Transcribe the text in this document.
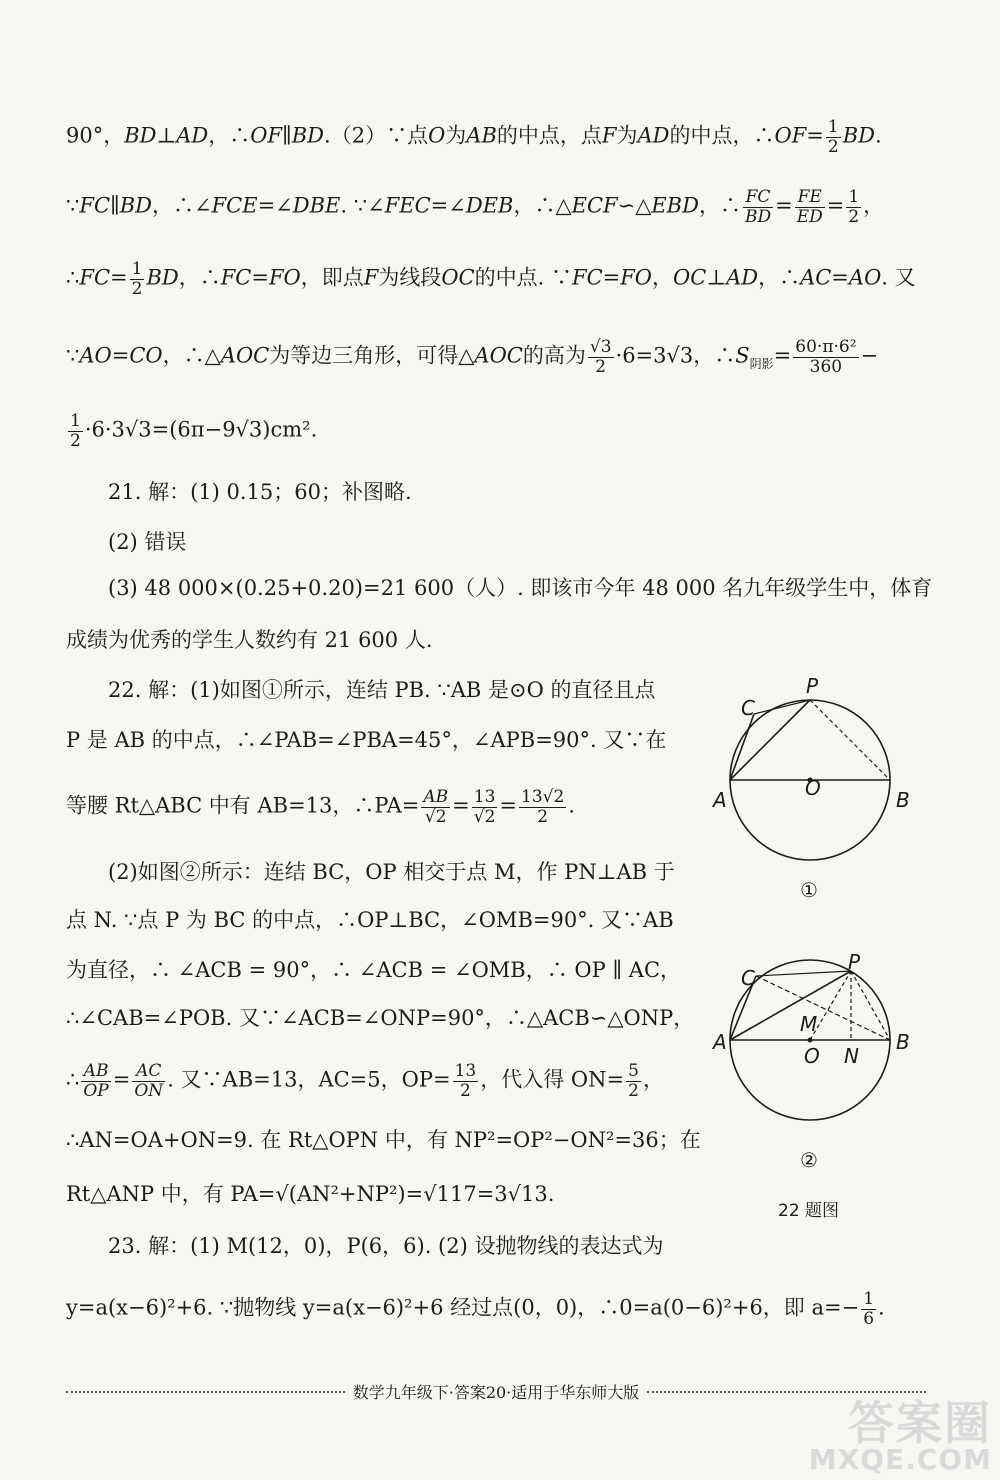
90°，BD⊥AD，∴OF∥BD.（2）∵点O为AB的中点，点F为AD的中点，∴OF= $\frac{1}{2}$ BD.
∵FC∥BD，∴∠FCE=∠DBE. ∵∠FEC=∠DEB，∴△ECF∽△EBD，∴ $\frac{FC}{BD} = \frac{FE}{ED} = \frac{1}{2}$ ，
∴FC= $\frac{1}{2}$ BD，∴FC=FO，即点F为线段OC的中点. ∵FC=FO，OC⊥AD，∴AC=AO. 又
∵AO=CO，∴△AOC为等边三角形，可得△AOC的高为 $\frac{√3}{2} \cdot 6=3√3$，$\therefore S_{阴影}= \frac{\text{60·π·6²}}{360}$ −
$\frac{1}{2} \cdot 6\cdot 3√3=(6\pi-9√3)cm^2$.
21. 解：(1) 0.15；60；补图略.
(2) 错误
(3) 48 000×(0.25+0.20)=21 600（人）. 即该市今年 48 000 名九年级学生中，体育
成绩为优秀的学生人数约有 21 600 人.
22. 解：(1)如图①所示，连结 PB. ∵AB 是⊙O 的直径且点
P 是 AB 的中点，∴∠PAB=∠PBA=45°，∠APB=90°. 又∵在
等腰 Rt△ABC 中有 AB=13，∴PA= $\frac{AB}{√2} = \frac{13}{√2} = \frac{13√2}{2}$ .
(2)如图②所示：连结 BC，OP 相交于点 M，作 PN⊥AB 于
点 N. ∵点 P 为 BC 的中点，∴OP⊥BC，∠OMB=90°. 又∵AB
为直径，∴ ∠ACB = 90°，∴ ∠ACB = ∠OMB，∴ OP ∥ AC，
∴∠CAB=∠POB. 又∵∠ACB=∠ONP=90°，∴△ACB∽△ONP，
∴ $\frac{AB}{OP} = \frac{AC}{ON}$ . 又∵AB=13，AC=5，$OP= \frac{13}{2}$ ，代入得 $ON= \frac{5}{2}$ ，
∴AN=OA+ON=9. 在 Rt△OPN 中，有 NP²=OP²−ON²=36；在
Rt△ANP 中，有 PA=√(AN²+NP²)=√117=3√13.
23. 解：(1) M(12，0)，P(6，6). (2) 设抛物线的表达式为
y=a(x−6)²+6. ∵抛物线 y=a(x−6)²+6 经过点(0，0)，∴0=a(0−6)²+6，即 $a=- \frac{1}{6}$ .
P
C
A	O	B
①
C
P
M
A
O N
B
②
22 题图
数学九年级下·答案20·适用于华东师大版
答案圈
MXQE.COM
